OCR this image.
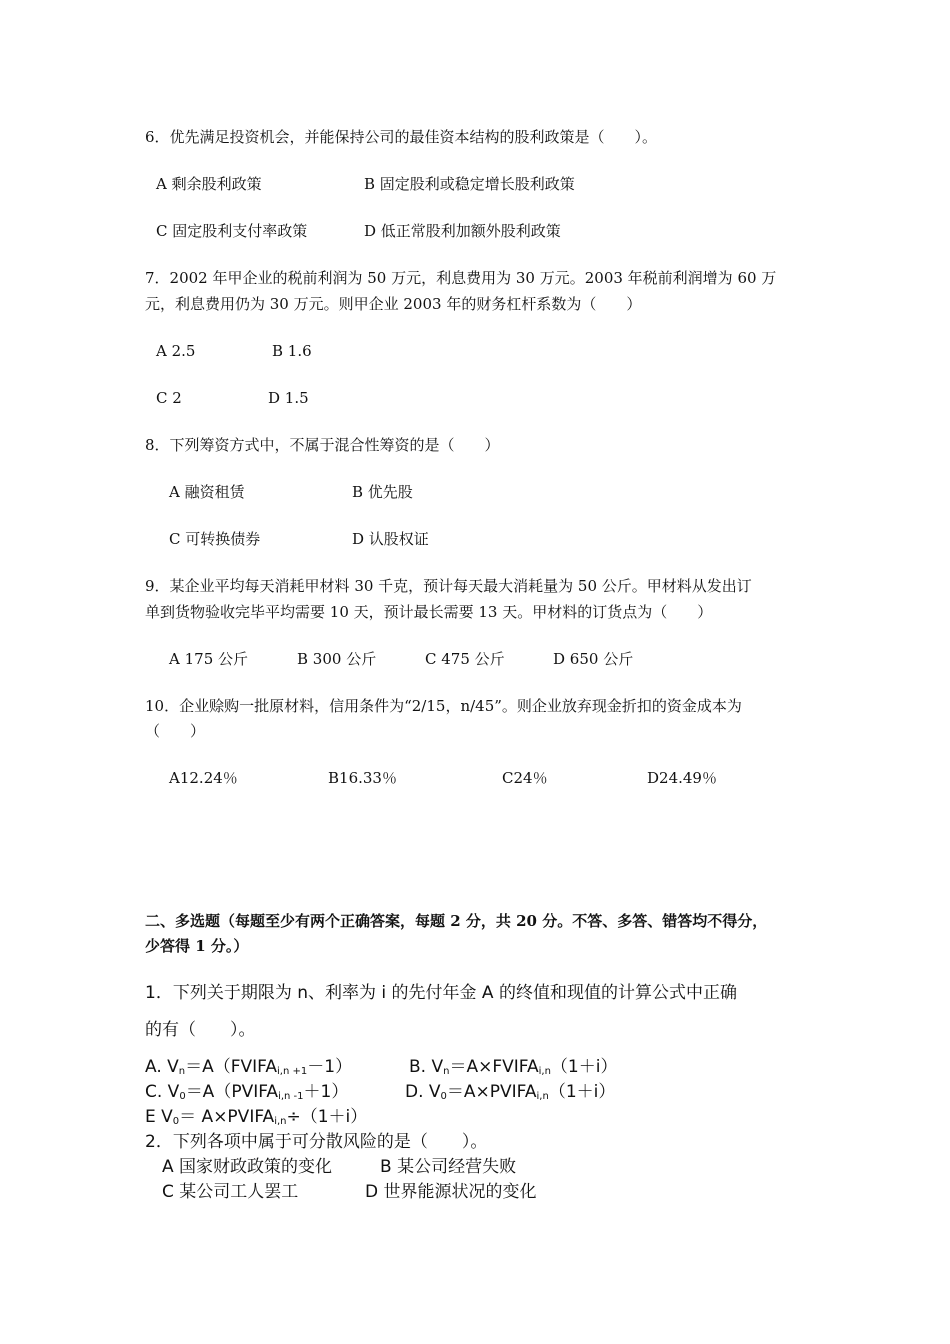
6．优先满足投资机会，并能保持公司的最佳资本结构的股利政策是（　　）。
A 剩余股利政策	B 固定股利或稳定增长股利政策
C 固定股利支付率政策	D 低正常股利加额外股利政策
7．2002 年甲企业的税前利润为 50 万元，利息费用为 30 万元。2003 年税前利润增为 60 万
元，利息费用仍为 30 万元。则甲企业 2003 年的财务杠杆系数为（　　）
A 2.5	B 1.6
C 2	D 1.5
8．下列筹资方式中，不属于混合性筹资的是（　　）
A 融资租赁	B 优先股
C 可转换债券	D 认股权证
9．某企业平均每天消耗甲材料 30 千克，预计每天最大消耗量为 50 公斤。甲材料从发出订
单到货物验收完毕平均需要 10 天，预计最长需要 13 天。甲材料的订货点为（　　）
A 175 公斤	B 300 公斤	C 475 公斤	D 650 公斤
10．企业赊购一批原材料，信用条件为“2/15，n/45”。则企业放弃现金折扣的资金成本为
（　　）
A12.24％	B16.33％	C24％	D24.49％
二、多选题（每题至少有两个正确答案，每题 2 分，共 20 分。不答、多答、错答均不得分，
少答得 1 分。）
1．下列关于期限为 n、利率为 i 的先付年金 A 的终值和现值的计算公式中正确
的有（　　）。
A. $V_n=A(FVIFA_{i,n +1}-1)$	B. $V_n=A\times FVIFA_{i,n}(1+i)$
C. $V_0=A(PVIFA_{i,n -1}+1)$	D. $V_0=A\times PVIFA_{i,n}(1+i)$
E $V_0=$ $A\times PVIFA_{i,n}\div(1+i)$
2．下列各项中属于可分散风险的是（　　）。
A 国家财政政策的变化	B 某公司经营失败
C 某公司工人罢工	D 世界能源状况的变化
